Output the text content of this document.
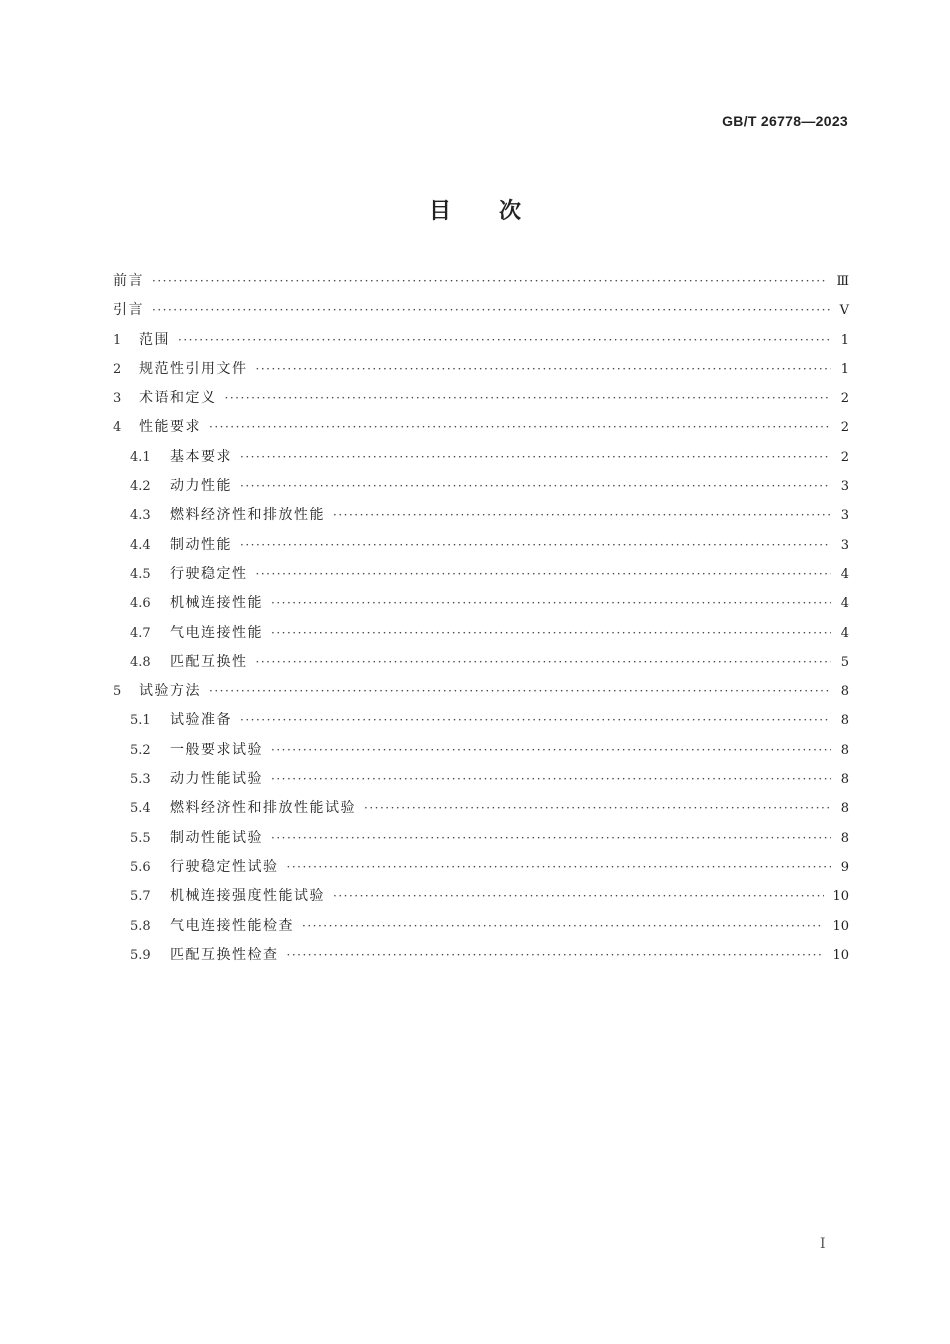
GB/T 26778—2023
目次
前言 ·····	Ⅲ
引言 ·····	Ⅴ
1	范围 ·····	1
2	规范性引用文件 ·····	1
3	术语和定义 ·····	2
4	性能要求 ·····	2
4.1	基本要求 ·····	2
4.2	动力性能 ·····	3
4.3	燃料经济性和排放性能 ·····	3
4.4	制动性能 ·····	3
4.5	行驶稳定性 ·····	4
4.6	机械连接性能 ·····	4
4.7	气电连接性能 ·····	4
4.8	匹配互换性 ·····	5
5	试验方法 ·····	8
5.1	试验准备 ·····	8
5.2	一般要求试验 ·····	8
5.3	动力性能试验 ·····	8
5.4	燃料经济性和排放性能试验 ·····	8
5.5	制动性能试验 ·····	8
5.6	行驶稳定性试验 ·····	9
5.7	机械连接强度性能试验 ·····	10
5.8	气电连接性能检查 ·····	10
5.9	匹配互换性检查 ·····	10
Ⅰ
